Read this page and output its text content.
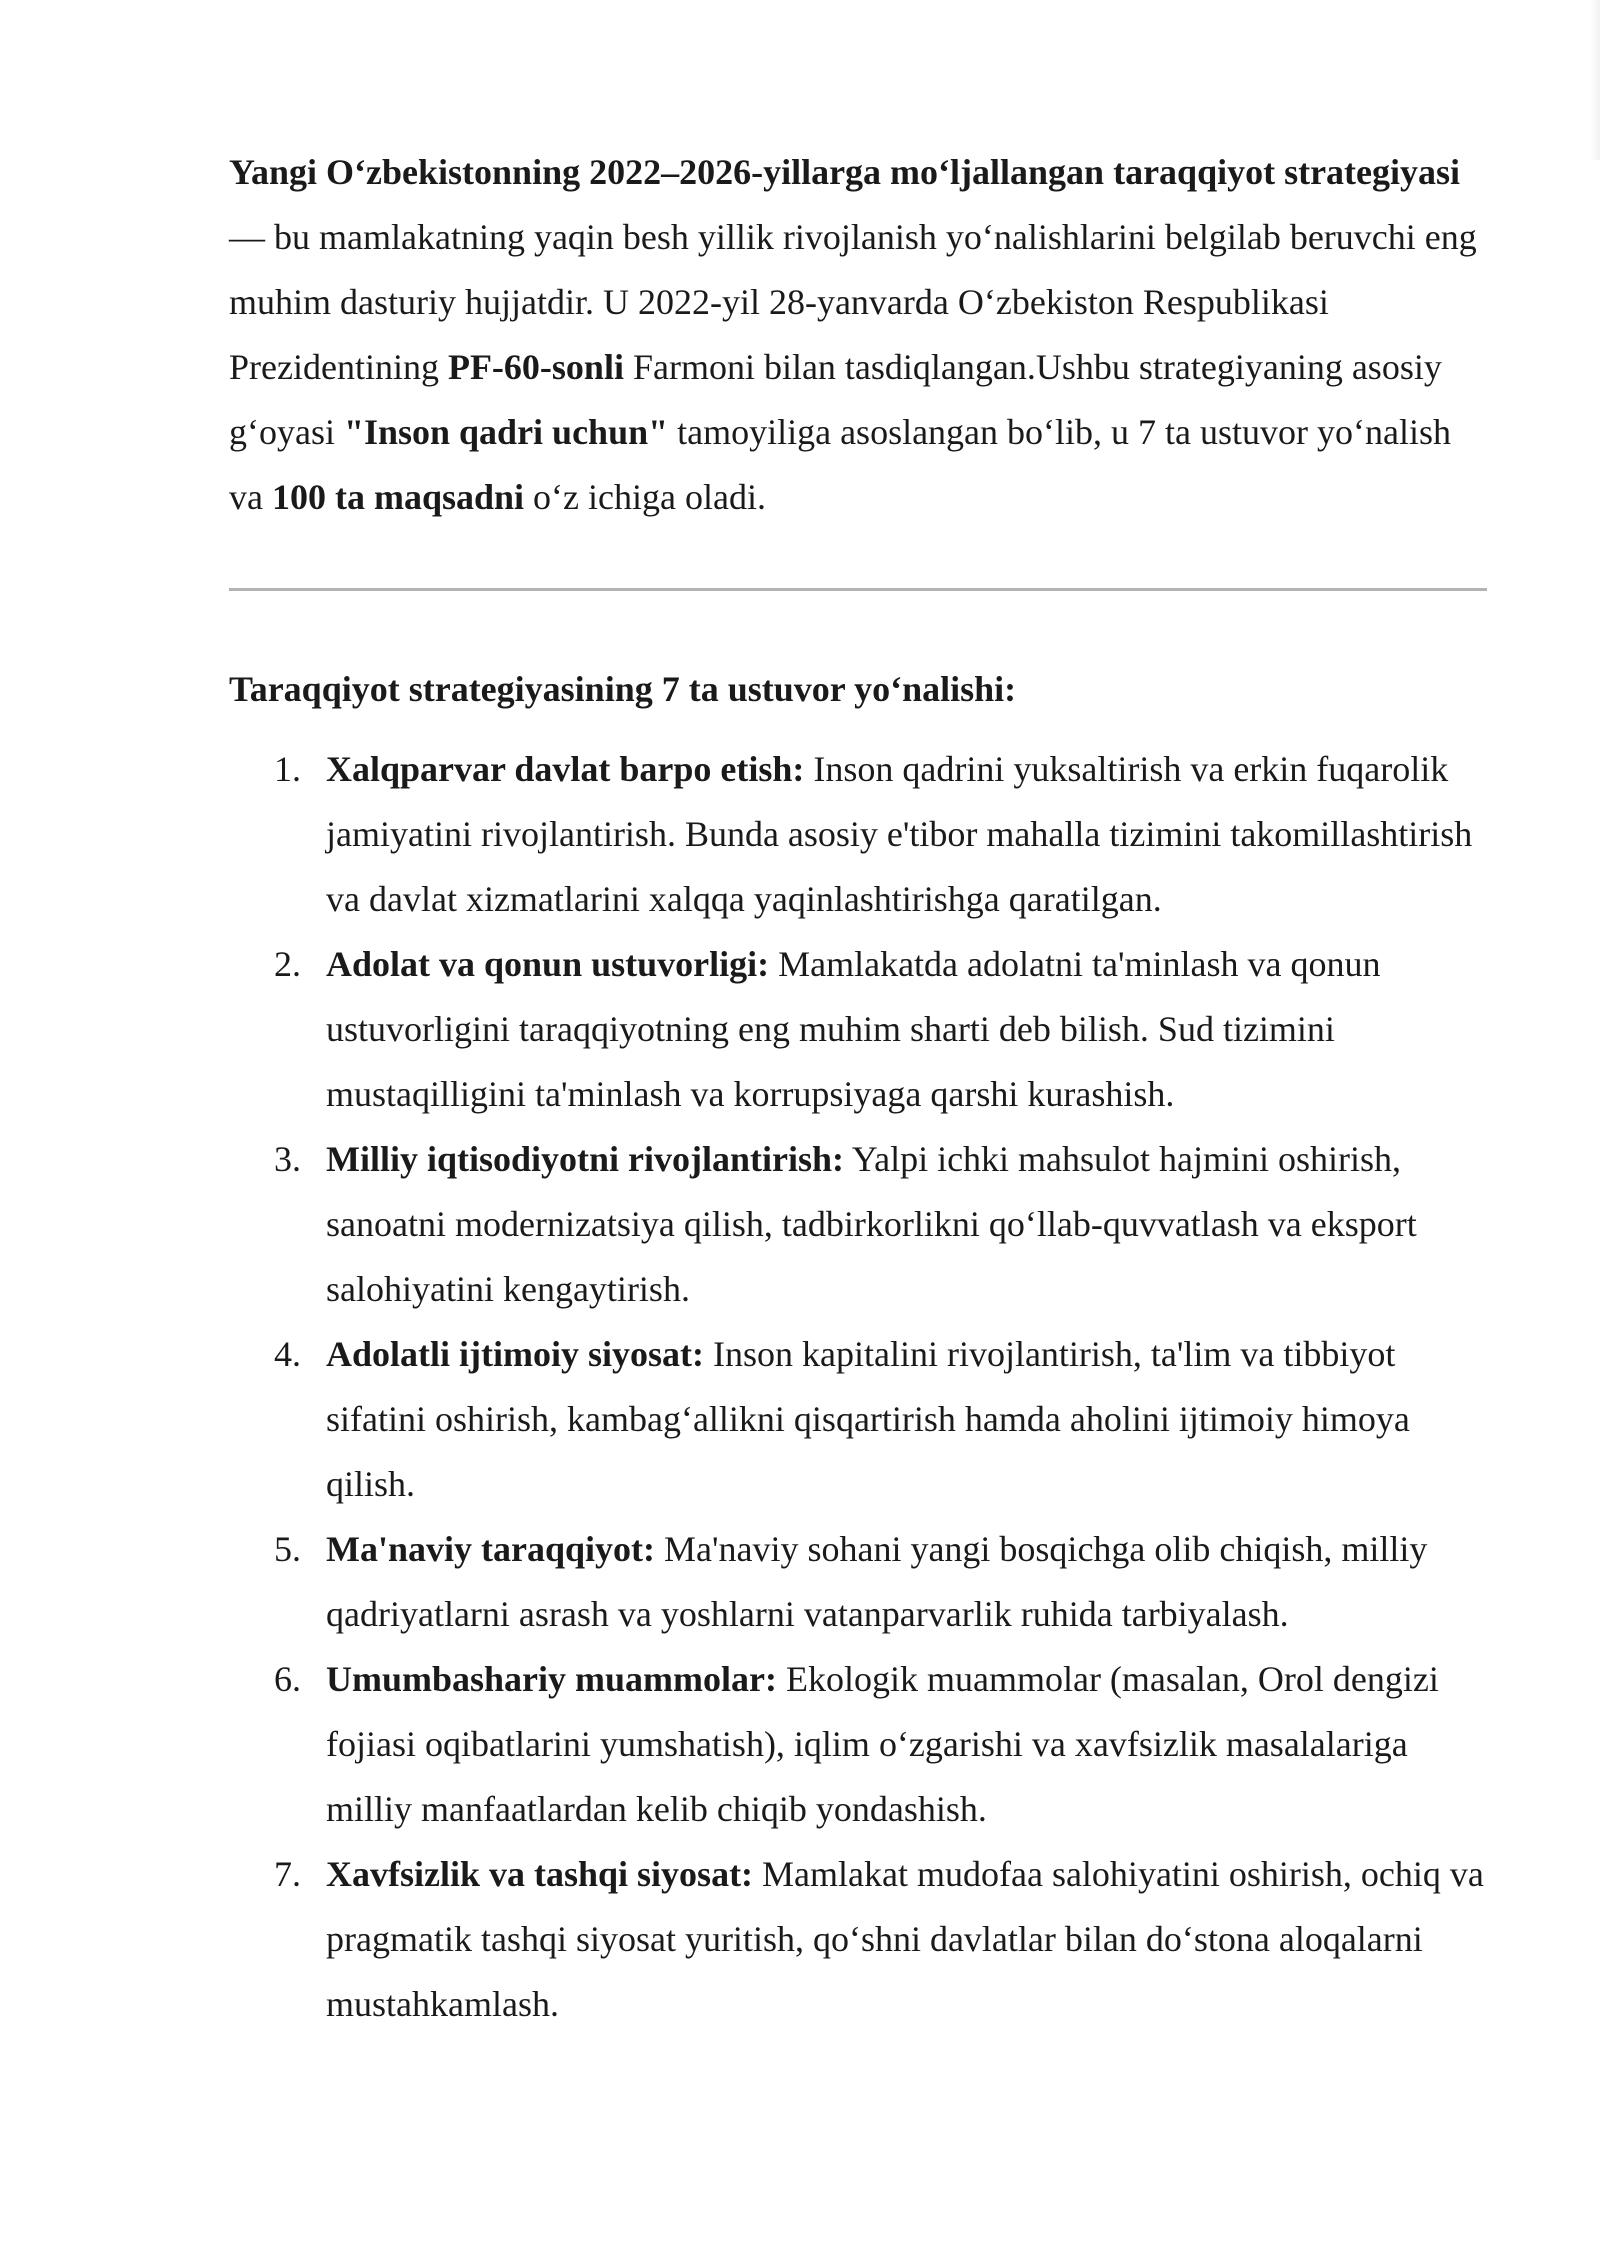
Yangi O‘zbekistonning 2022–2026-yillarga mo‘ljallangan taraqqiyot strategiyasi — bu mamlakatning yaqin besh yillik rivojlanish yo‘nalishlarini belgilab beruvchi eng muhim dasturiy hujjatdir. U 2022-yil 28-yanvarda O‘zbekiston Respublikasi Prezidentining PF-60-sonli Farmoni bilan tasdiqlangan.Ushbu strategiyaning asosiy g‘oyasi "Inson qadri uchun" tamoyiliga asoslangan bo‘lib, u 7 ta ustuvor yo‘nalish va 100 ta maqsadni o‘z ichiga oladi.

Taraqqiyot strategiyasining 7 ta ustuvor yo‘nalishi:
1. Xalqparvar davlat barpo etish: Inson qadrini yuksaltirish va erkin fuqarolik jamiyatini rivojlantirish. Bunda asosiy e'tibor mahalla tizimini takomillashtirish va davlat xizmatlarini xalqqa yaqinlashtirishga qaratilgan.
2. Adolat va qonun ustuvorligi: Mamlakatda adolatni ta'minlash va qonun ustuvorligini taraqqiyotning eng muhim sharti deb bilish. Sud tizimini mustaqilligini ta'minlash va korrupsiyaga qarshi kurashish.
3. Milliy iqtisodiyotni rivojlantirish: Yalpi ichki mahsulot hajmini oshirish, sanoatni modernizatsiya qilish, tadbirkorlikni qo‘llab-quvvatlash va eksport salohiyatini kengaytirish.
4. Adolatli ijtimoiy siyosat: Inson kapitalini rivojlantirish, ta'lim va tibbiyot sifatini oshirish, kambag‘allikni qisqartirish hamda aholini ijtimoiy himoya qilish.
5. Ma'naviy taraqqiyot: Ma'naviy sohani yangi bosqichga olib chiqish, milliy qadriyatlarni asrash va yoshlarni vatanparvarlik ruhida tarbiyalash.
6. Umumbashariy muammolar: Ekologik muammolar (masalan, Orol dengizi fojiasi oqibatlarini yumshatish), iqlim o‘zgarishi va xavfsizlik masalalariga milliy manfaatlardan kelib chiqib yondashish.
7. Xavfsizlik va tashqi siyosat: Mamlakat mudofaa salohiyatini oshirish, ochiq va pragmatik tashqi siyosat yuritish, qo‘shni davlatlar bilan do‘stona aloqalarni mustahkamlash.
